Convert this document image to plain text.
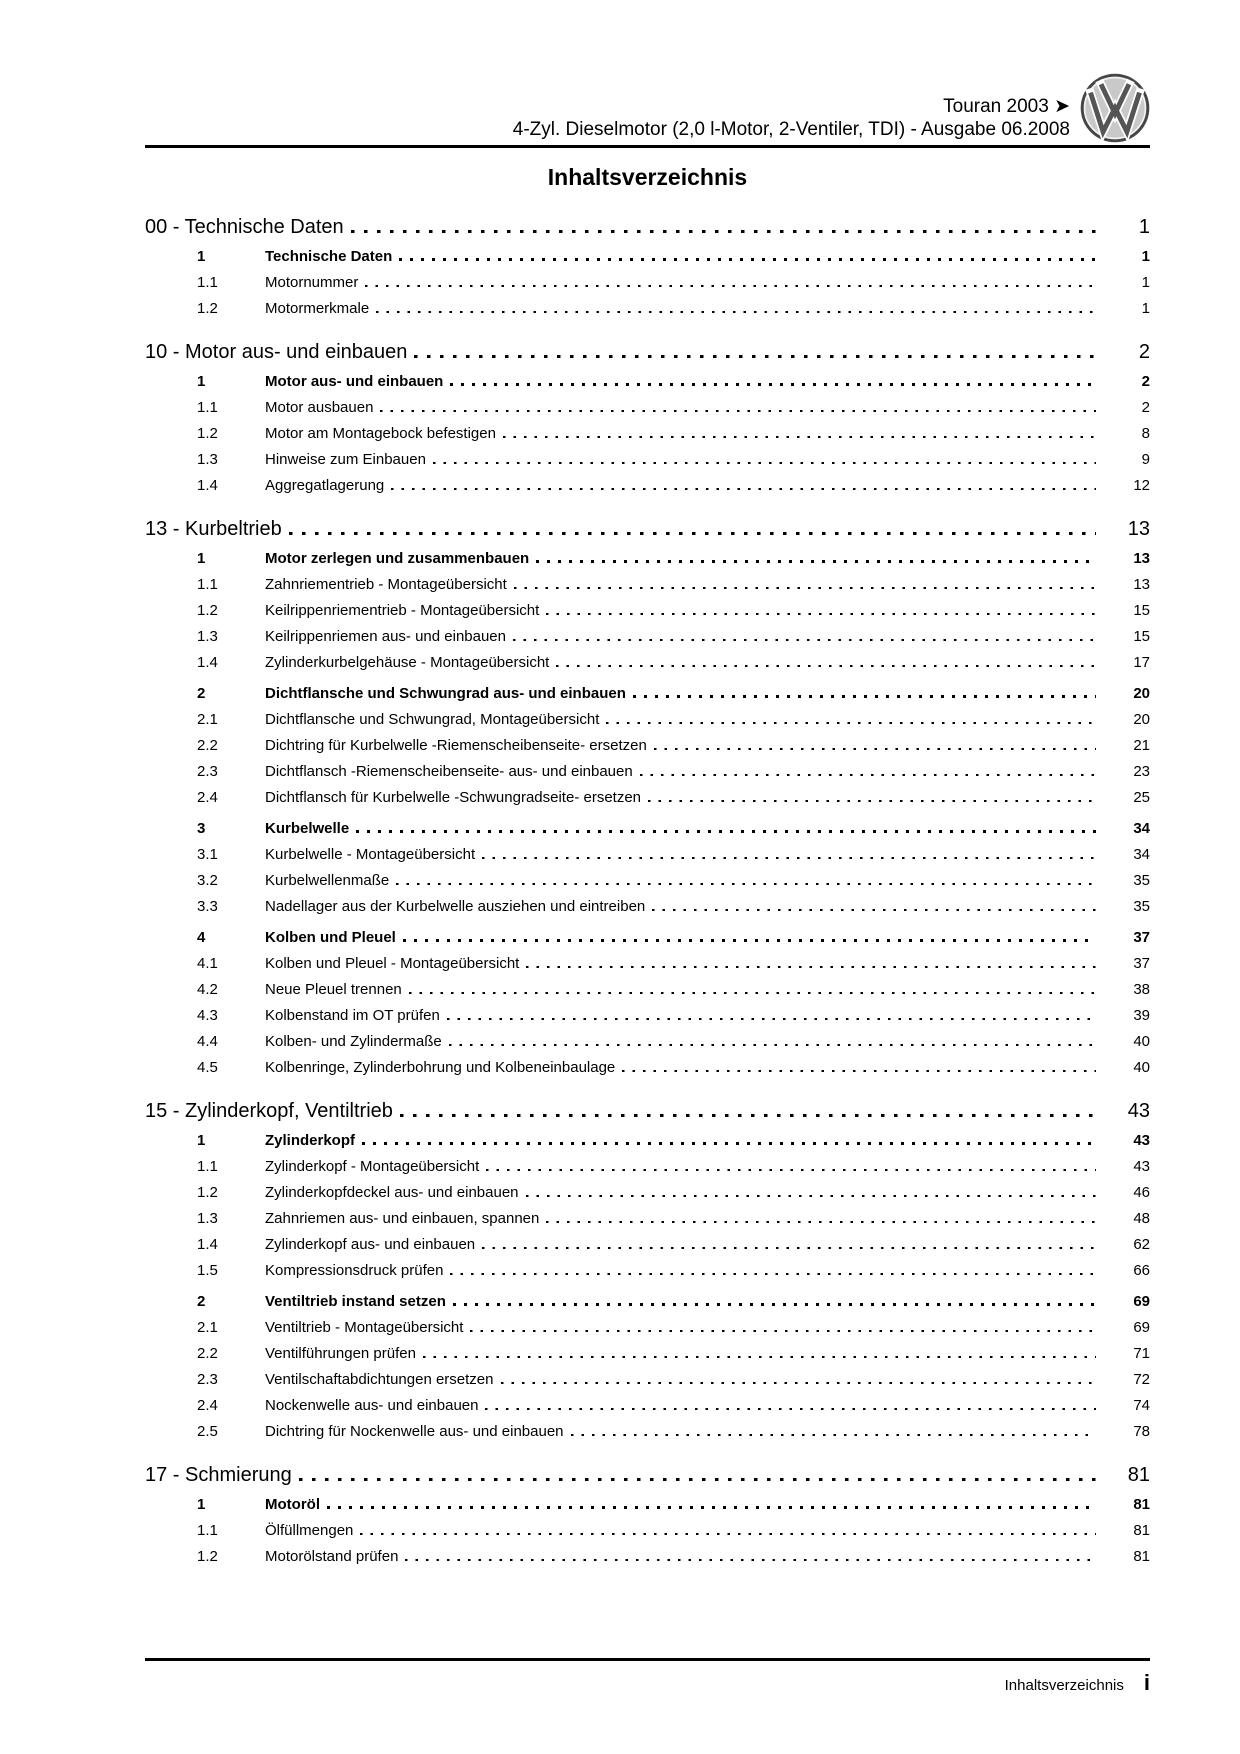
Touran 2003 ➤
4-Zyl. Dieselmotor (2,0 l-Motor, 2-Ventiler, TDI) - Ausgabe 06.2008
Inhaltsverzeichnis
00 - Technische Daten	1
1	Technische Daten	1
1.1	Motornummer	1
1.2	Motormerkmale	1
10 - Motor aus- und einbauen	2
1	Motor aus- und einbauen	2
1.1	Motor ausbauen	2
1.2	Motor am Montagebock befestigen	8
1.3	Hinweise zum Einbauen	9
1.4	Aggregatlagerung	12
13 - Kurbeltrieb	13
1	Motor zerlegen und zusammenbauen	13
1.1	Zahnriementrieb - Montageübersicht	13
1.2	Keilrippenriementrieb - Montageübersicht	15
1.3	Keilrippenriemen aus- und einbauen	15
1.4	Zylinderkurbelgehäuse - Montageübersicht	17
2	Dichtflansche und Schwungrad aus- und einbauen	20
2.1	Dichtflansche und Schwungrad, Montageübersicht	20
2.2	Dichtring für Kurbelwelle -Riemenscheibenseite- ersetzen	21
2.3	Dichtflansch -Riemenscheibenseite- aus- und einbauen	23
2.4	Dichtflansch für Kurbelwelle -Schwungradseite- ersetzen	25
3	Kurbelwelle	34
3.1	Kurbelwelle - Montageübersicht	34
3.2	Kurbelwellenmaße	35
3.3	Nadellager aus der Kurbelwelle ausziehen und eintreiben	35
4	Kolben und Pleuel	37
4.1	Kolben und Pleuel - Montageübersicht	37
4.2	Neue Pleuel trennen	38
4.3	Kolbenstand im OT prüfen	39
4.4	Kolben- und Zylindermaße	40
4.5	Kolbenringe, Zylinderbohrung und Kolbeneinbaulage	40
15 - Zylinderkopf, Ventiltrieb	43
1	Zylinderkopf	43
1.1	Zylinderkopf - Montageübersicht	43
1.2	Zylinderkopfdeckel aus- und einbauen	46
1.3	Zahnriemen aus- und einbauen, spannen	48
1.4	Zylinderkopf aus- und einbauen	62
1.5	Kompressionsdruck prüfen	66
2	Ventiltrieb instand setzen	69
2.1	Ventiltrieb - Montageübersicht	69
2.2	Ventilführungen prüfen	71
2.3	Ventilschaftabdichtungen ersetzen	72
2.4	Nockenwelle aus- und einbauen	74
2.5	Dichtring für Nockenwelle aus- und einbauen	78
17 - Schmierung	81
1	Motoröl	81
1.1	Ölfüllmengen	81
1.2	Motorölstand prüfen	81
Inhaltsverzeichnis i
